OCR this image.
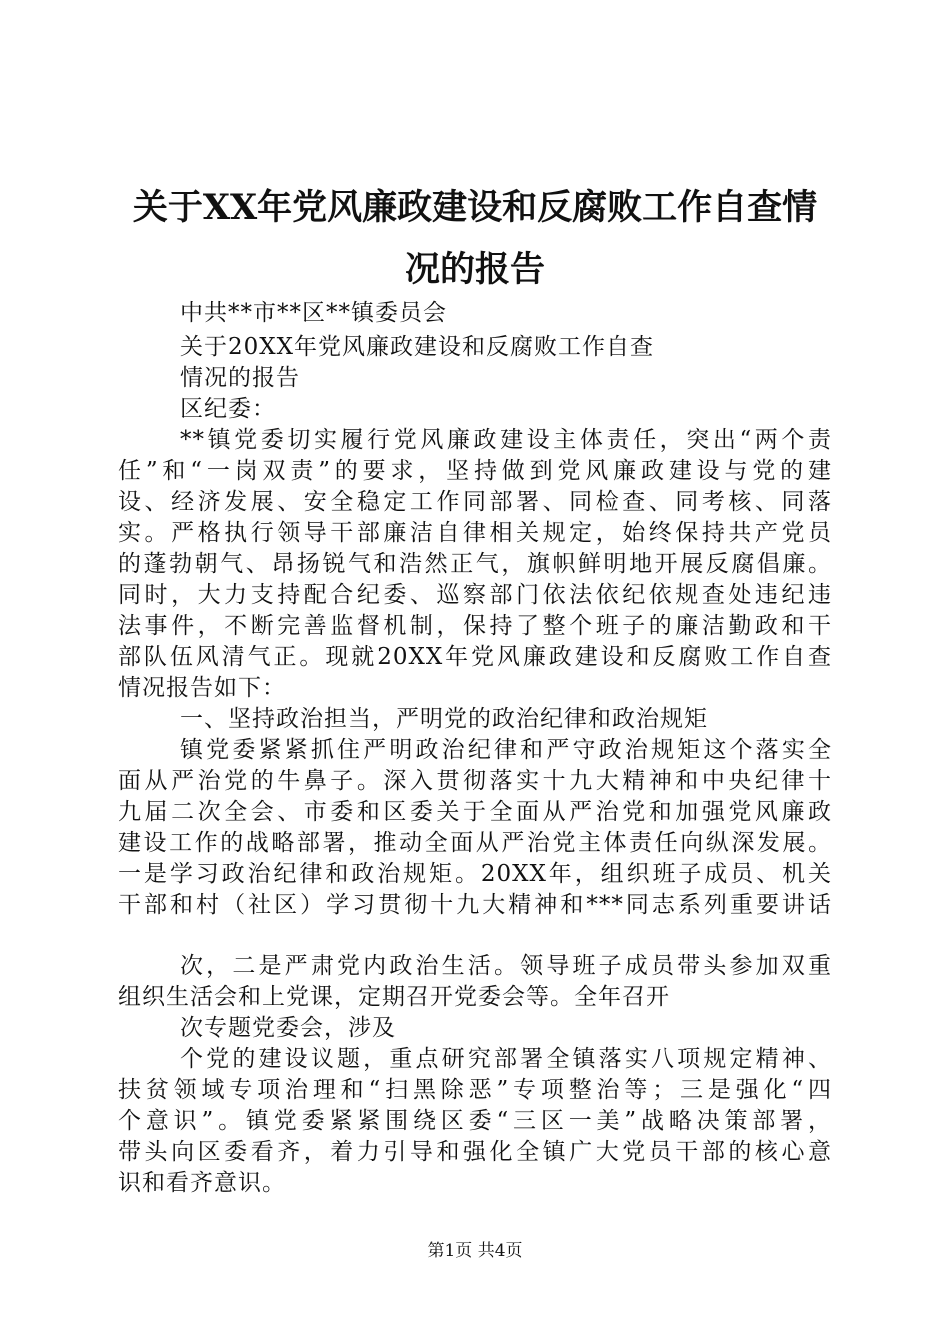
关于XX年党风廉政建设和反腐败工作自查情
况的报告
中共**市**区**镇委员会
关于20XX年党风廉政建设和反腐败工作自查
情况的报告
区纪委：
**镇党委切实履行党风廉政建设主体责任，突出“两个责
任”和“一岗双责”的要求，坚持做到党风廉政建设与党的建
设、经济发展、安全稳定工作同部署、同检查、同考核、同落
实。严格执行领导干部廉洁自律相关规定，始终保持共产党员
的蓬勃朝气、昂扬锐气和浩然正气，旗帜鲜明地开展反腐倡廉。
同时，大力支持配合纪委、巡察部门依法依纪依规查处违纪违
法事件，不断完善监督机制，保持了整个班子的廉洁勤政和干
部队伍风清气正。现就20XX年党风廉政建设和反腐败工作自查
情况报告如下：
一、坚持政治担当，严明党的政治纪律和政治规矩
镇党委紧紧抓住严明政治纪律和严守政治规矩这个落实全
面从严治党的牛鼻子。深入贯彻落实十九大精神和中央纪律十
九届二次全会、市委和区委关于全面从严治党和加强党风廉政
建设工作的战略部署，推动全面从严治党主体责任向纵深发展。
一是学习政治纪律和政治规矩。20XX年，组织班子成员、机关
干部和村（社区）学习贯彻十九大精神和***同志系列重要讲话
次，二是严肃党内政治生活。领导班子成员带头参加双重
组织生活会和上党课，定期召开党委会等。全年召开
次专题党委会，涉及
个党的建设议题，重点研究部署全镇落实八项规定精神、
扶贫领域专项治理和“扫黑除恶”专项整治等；三是强化“四
个意识”。镇党委紧紧围绕区委“三区一美”战略决策部署，
带头向区委看齐，着力引导和强化全镇广大党员干部的核心意
识和看齐意识。
第1页 共4页
